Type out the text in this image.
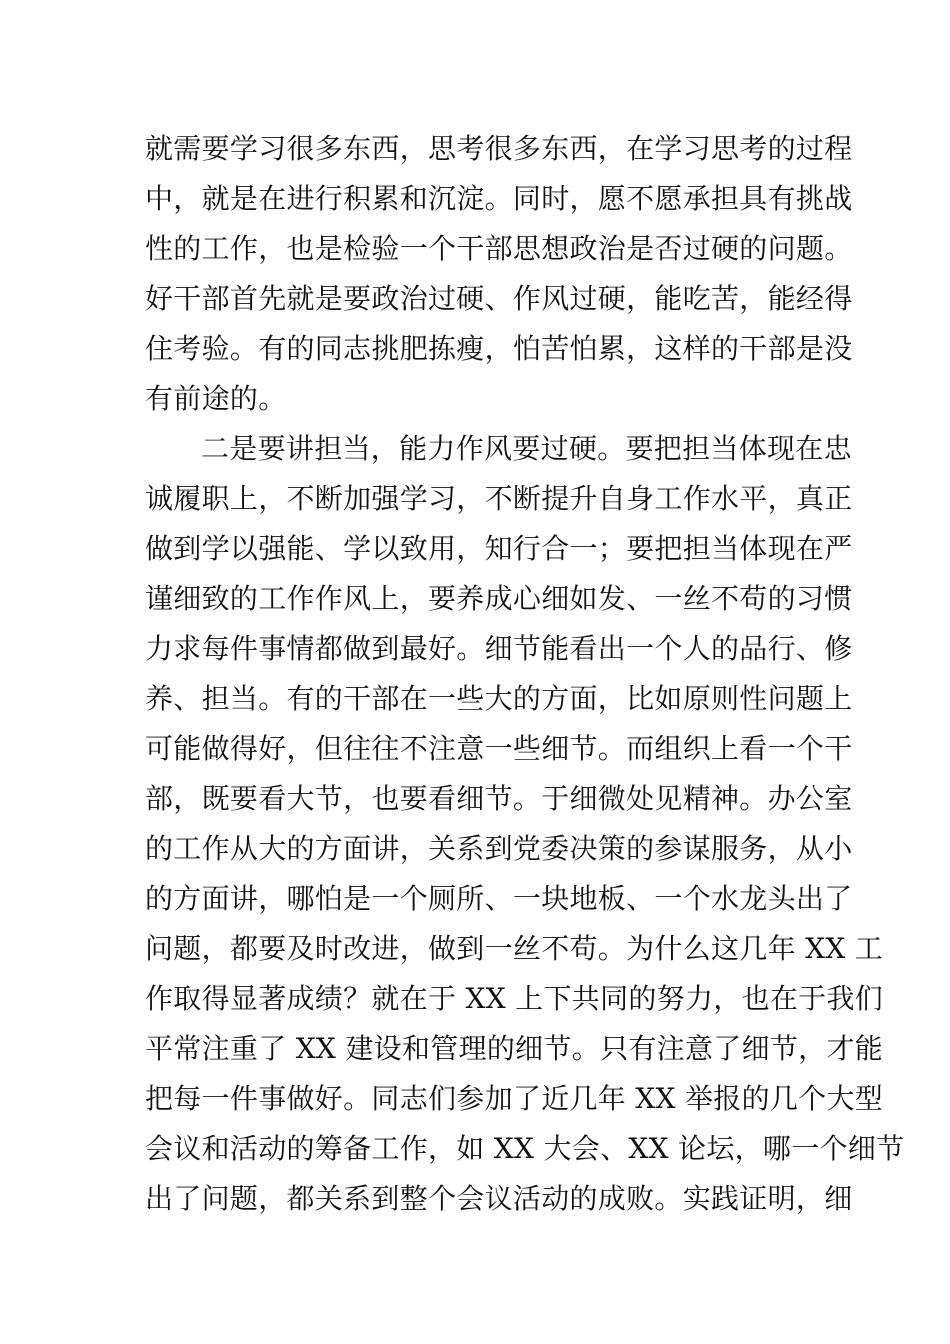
就需要学习很多东西，思考很多东西，在学习思考的过程
中，就是在进行积累和沉淀。同时，愿不愿承担具有挑战
性的工作，也是检验一个干部思想政治是否过硬的问题。
好干部首先就是要政治过硬、作风过硬，能吃苦，能经得
住考验。有的同志挑肥拣瘦，怕苦怕累，这样的干部是没
有前途的。
二是要讲担当，能力作风要过硬。要把担当体现在忠
诚履职上，不断加强学习，不断提升自身工作水平，真正
做到学以强能、学以致用，知行合一；要把担当体现在严
谨细致的工作作风上，要养成心细如发、一丝不苟的习惯
力求每件事情都做到最好。细节能看出一个人的品行、修
养、担当。有的干部在一些大的方面，比如原则性问题上
可能做得好，但往往不注意一些细节。而组织上看一个干
部，既要看大节，也要看细节。于细微处见精神。办公室
的工作从大的方面讲，关系到党委决策的参谋服务，从小
的方面讲，哪怕是一个厕所、一块地板、一个水龙头出了
问题，都要及时改进，做到一丝不苟。为什么这几年 XX 工
作取得显著成绩？就在于 XX 上下共同的努力，也在于我们
平常注重了 XX 建设和管理的细节。只有注意了细节，才能
把每一件事做好。同志们参加了近几年 XX 举报的几个大型
会议和活动的筹备工作，如 XX 大会、XX 论坛，哪一个细节
出了问题，都关系到整个会议活动的成败。实践证明，细
